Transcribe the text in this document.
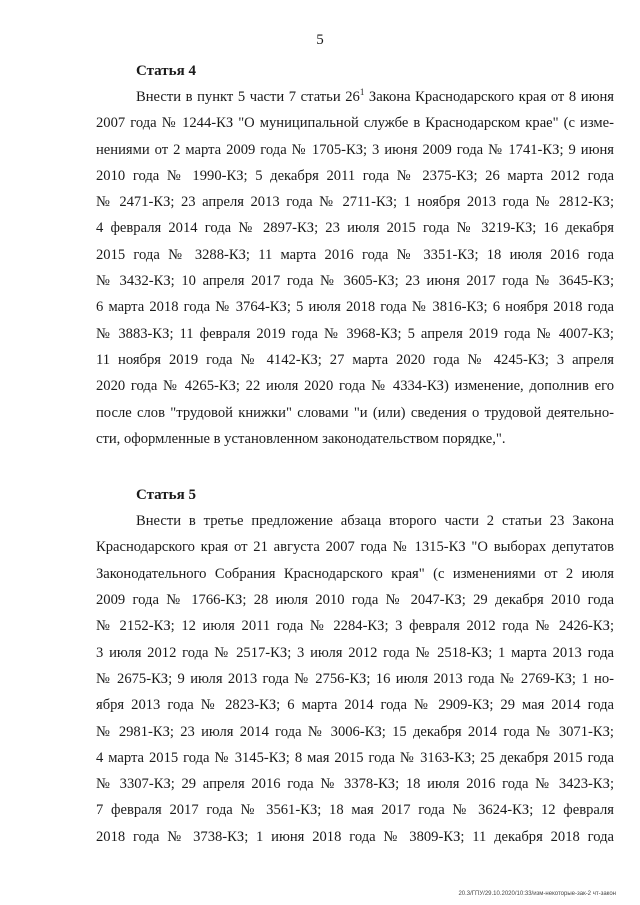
5
Статья 4
Внести в пункт 5 части 7 статьи $26^1$ Закона Краснодарского края от 8 июня
2007 года № 1244-КЗ "О муниципальной службе в Краснодарском крае" (с изме-
нениями от 2 марта 2009 года № 1705-КЗ; 3 июня 2009 года № 1741-КЗ; 9 июня
2010 года № 1990-КЗ; 5 декабря 2011 года № 2375-КЗ; 26 марта 2012 года
№ 2471-КЗ; 23 апреля 2013 года № 2711-КЗ; 1 ноября 2013 года № 2812-КЗ;
4 февраля 2014 года № 2897-КЗ; 23 июля 2015 года № 3219-КЗ; 16 декабря
2015 года № 3288-КЗ; 11 марта 2016 года № 3351-КЗ; 18 июля 2016 года
№ 3432-КЗ; 10 апреля 2017 года № 3605-КЗ; 23 июня 2017 года № 3645-КЗ;
6 марта 2018 года № 3764-КЗ; 5 июля 2018 года № 3816-КЗ; 6 ноября 2018 года
№ 3883-КЗ; 11 февраля 2019 года № 3968-КЗ; 5 апреля 2019 года № 4007-КЗ;
11 ноября 2019 года № 4142-КЗ; 27 марта 2020 года № 4245-КЗ; 3 апреля
2020 года № 4265-КЗ; 22 июля 2020 года № 4334-КЗ) изменение, дополнив его
после слов "трудовой книжки" словами "и (или) сведения о трудовой деятельно-
сти, оформленные в установленном законодательством порядке,".
Статья 5
Внести в третье предложение абзаца второго части 2 статьи 23 Закона
Краснодарского края от 21 августа 2007 года № 1315-КЗ "О выборах депутатов
Законодательного Собрания Краснодарского края" (с изменениями от 2 июля
2009 года № 1766-КЗ; 28 июля 2010 года № 2047-КЗ; 29 декабря 2010 года
№ 2152-КЗ; 12 июля 2011 года № 2284-КЗ; 3 февраля 2012 года № 2426-КЗ;
3 июля 2012 года № 2517-КЗ; 3 июля 2012 года № 2518-КЗ; 1 марта 2013 года
№ 2675-КЗ; 9 июля 2013 года № 2756-КЗ; 16 июля 2013 года № 2769-КЗ; 1 но-
ября 2013 года № 2823-КЗ; 6 марта 2014 года № 2909-КЗ; 29 мая 2014 года
№ 2981-КЗ; 23 июля 2014 года № 3006-КЗ; 15 декабря 2014 года № 3071-КЗ;
4 марта 2015 года № 3145-КЗ; 8 мая 2015 года № 3163-КЗ; 25 декабря 2015 года
№ 3307-КЗ; 29 апреля 2016 года № 3378-КЗ; 18 июля 2016 года № 3423-КЗ;
7 февраля 2017 года № 3561-КЗ; 18 мая 2017 года № 3624-КЗ; 12 февраля
2018 года № 3738-КЗ; 1 июня 2018 года № 3809-КЗ; 11 декабря 2018 года
20.3/ГПУ/29.10.2020/10:33/изм-некоторые-зак-2 чт-закон
